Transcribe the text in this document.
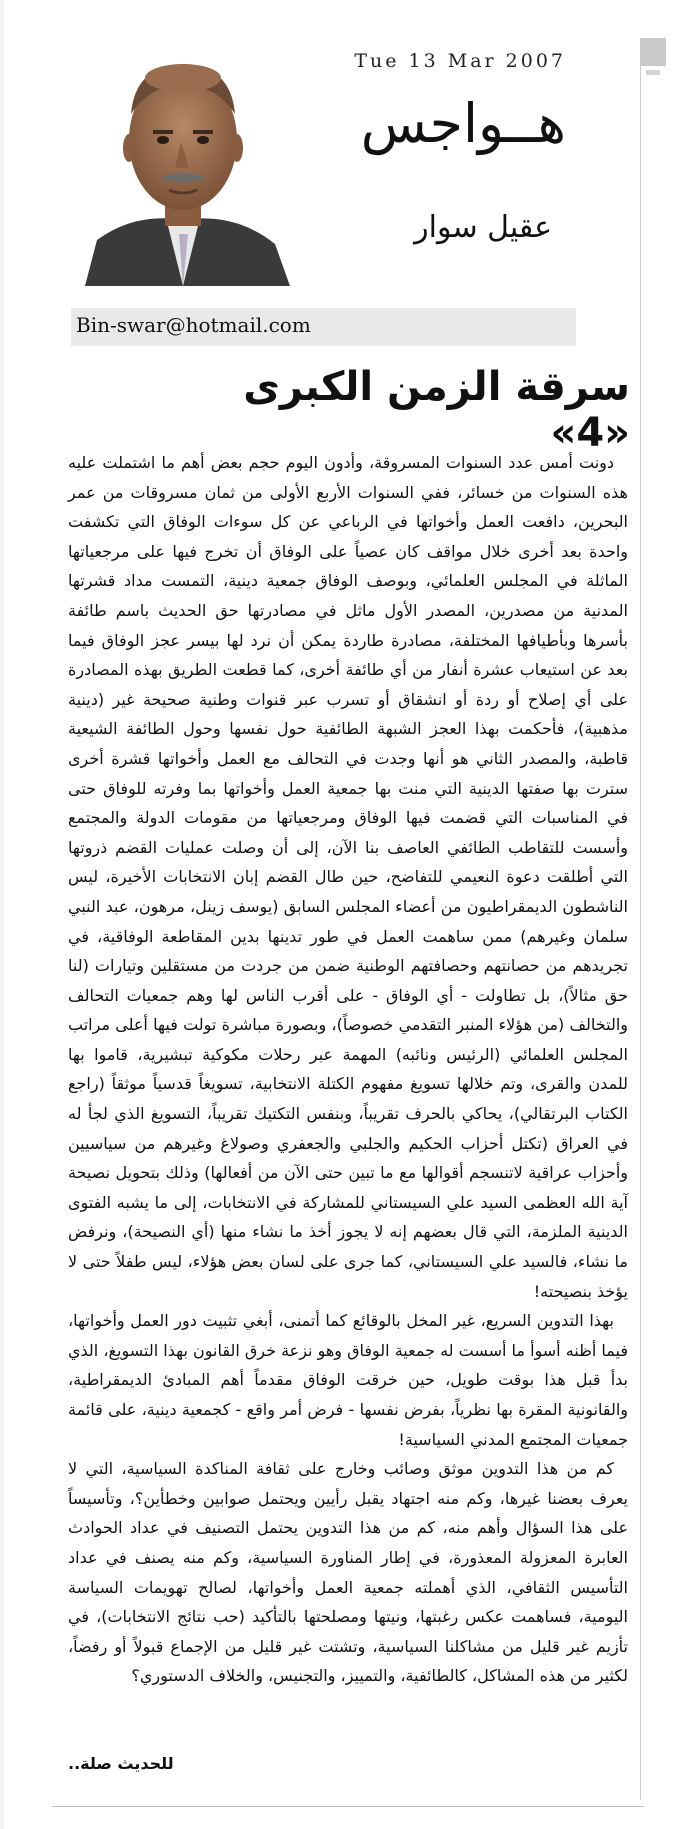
Tue 13 Mar 2007
هــواجس
عقيل سوار
Bin-swar@hotmail.com
سرقة الزمن الكبرى «4»

دونت أمس عدد السنوات المسروقة، وأدون اليوم حجم بعض أهم ما اشتملت عليه هذه السنوات من خسائر، ففي السنوات الأربع الأولى من ثمان مسروقات من عمر البحرين، دافعت العمل وأخواتها في الرباعي عن كل سوءات الوفاق التي تكشفت واحدة بعد أخرى خلال مواقف كان عصياً على الوفاق أن تخرج فيها على مرجعياتها الماثلة في المجلس العلمائي، وبوصف الوفاق جمعية دينية، التمست مداد قشرتها المدنية من مصدرين، المصدر الأول ماثل في مصادرتها حق الحديث باسم طائفة بأسرها وبأطيافها المختلفة، مصادرة طاردة يمكن أن نرد لها بيسر عجز الوفاق فيما بعد عن استيعاب عشرة أنفار من أي طائفة أخرى، كما قطعت الطريق بهذه المصادرة على أي إصلاح أو ردة أو انشقاق أو تسرب عبر قنوات وطنية صحيحة غير (دينية مذهبية)، فأحكمت بهذا العجز الشبهة الطائفية حول نفسها وحول الطائفة الشيعية قاطبة، والمصدر الثاني هو أنها وجدت في التحالف مع العمل وأخواتها قشرة أخرى سترت بها صفتها الدينية التي منت بها جمعية العمل وأخواتها بما وفرته للوفاق حتى في المناسبات التي قضمت فيها الوفاق ومرجعياتها من مقومات الدولة والمجتمع وأسست للتقاطب الطائفي العاصف بنا الآن، إلى أن وصلت عمليات القضم ذروتها التي أطلقت دعوة النعيمي للتفاضح، حين طال القضم إبان الانتخابات الأخيرة، ليس الناشطون الديمقراطيون من أعضاء المجلس السابق (يوسف زينل، مرهون، عبد النبي سلمان وغيرهم) ممن ساهمت العمل في طور تدينها بدين المقاطعة الوفاقية، في تجريدهم من حصانتهم وحصافتهم الوطنية ضمن من جردت من مستقلين وتيارات (لنا حق مثالاً)، بل تطاولت - أي الوفاق - على أقرب الناس لها وهم جمعيات التحالف والتخالف (من هؤلاء المنبر التقدمي خصوصاً)، وبصورة مباشرة تولت فيها أعلى مراتب المجلس العلمائي (الرئيس ونائبه) المهمة عبر رحلات مكوكية تبشيرية، قاموا بها للمدن والقرى، وتم خلالها تسويغ مفهوم الكتلة الانتخابية، تسويغاً قدسياً موثقاً (راجع الكتاب البرتقالي)، يحاكي بالحرف تقريباً، وبنفس التكتيك تقريباً، التسويغ الذي لجأ له في العراق (تكتل أحزاب الحكيم والجلبي والجعفري وصولاغ وغيرهم من سياسيين وأحزاب عراقية لاتنسجم أقوالها مع ما تبين حتى الآن من أفعالها) وذلك بتحويل نصيحة آية الله العظمى السيد علي السيستاني للمشاركة في الانتخابات، إلى ما يشبه الفتوى الدينية الملزمة، التي قال بعضهم إنه لا يجوز أخذ ما نشاء منها (أي النصيحة)، ونرفض ما نشاء، فالسيد علي السيستاني، كما جرى على لسان بعض هؤلاء، ليس طفلاً حتى لا يؤخذ بنصيحته!

بهذا التدوين السريع، غير المخل بالوقائع كما أتمنى، أبغي تثبيت دور العمل وأخواتها، فيما أظنه أسوأ ما أسست له جمعية الوفاق وهو نزعة خرق القانون بهذا التسويغ، الذي بدأ قبل هذا بوقت طويل، حين خرقت الوفاق مقدماً أهم المبادئ الديمقراطية، والقانونية المقرة بها نظرياً، بفرض نفسها - فرض أمر واقع - كجمعية دينية، على قائمة جمعيات المجتمع المدني السياسية!

كم من هذا التدوين موثق وصائب وخارج على ثقافة المناكدة السياسية، التي لا يعرف بعضنا غيرها، وكم منه اجتهاد يقبل رأيين ويحتمل صوابين وخطأين؟، وتأسيساً على هذا السؤال وأهم منه، كم من هذا التدوين يحتمل التصنيف في عداد الحوادث العابرة المعزولة المعذورة، في إطار المناورة السياسية، وكم منه يصنف في عداد التأسيس الثقافي، الذي أهملته جمعية العمل وأخواتها، لصالح تهويمات السياسة اليومية، فساهمت عكس رغبتها، ونيتها ومصلحتها بالتأكيد (حب نتائج الانتخابات)، في تأزيم غير قليل من مشاكلنا السياسية، وتشتت غير قليل من الإجماع قبولاً أو رفضاً، لكثير من هذه المشاكل، كالطائفية، والتمييز، والتجنيس، والخلاف الدستوري؟

للحديث صلة..
